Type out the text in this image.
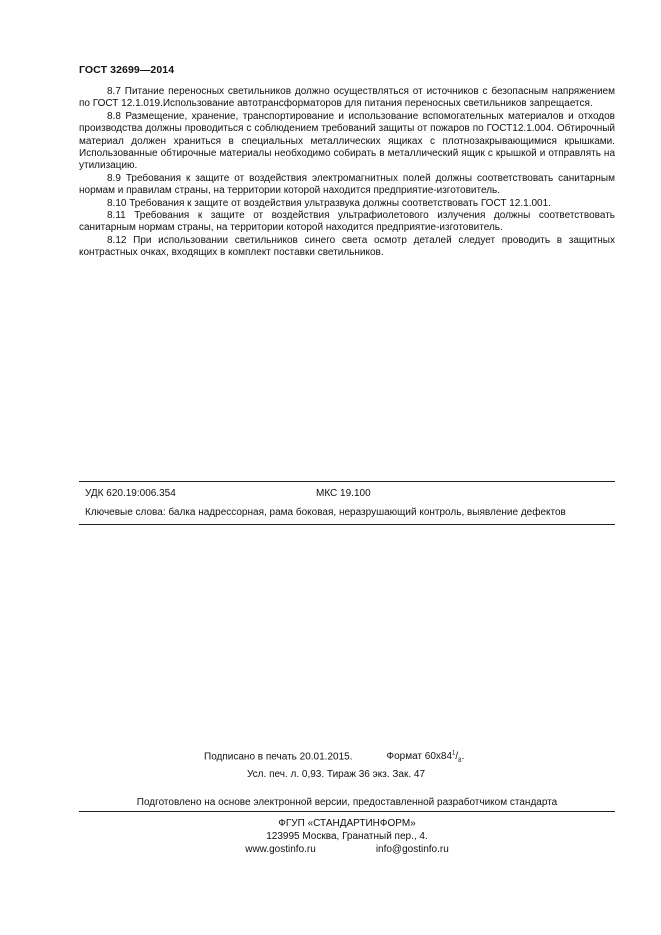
ГОСТ 32699—2014

8.7 Питание переносных светильников должно осуществляться от источников с безопасным напряжением по ГОСТ 12.1.019.Использование автотрансформаторов для питания переносных светильников запрещается.

8.8 Размещение, хранение, транспортирование и использование вспомогательных материалов и отходов производства должны проводиться с соблюдением требований защиты от пожаров по ГОСТ12.1.004. Обтирочный материал должен храниться в специальных металлических ящиках с плотнозакрывающимися крышками. Использованные обтирочные материалы необходимо собирать в металлический ящик с крышкой и отправлять на утилизацию.

8.9 Требования к защите от воздействия электромагнитных полей должны соответствовать санитарным нормам и правилам страны, на территории которой находится предприятие-изготовитель.

8.10 Требования к защите от воздействия ультразвука должны соответствовать ГОСТ 12.1.001.

8.11 Требования к защите от воздействия ультрафиолетового излучения должны соответствовать санитарным нормам страны, на территории которой находится предприятие-изготовитель.

8.12 При использовании светильников синего света осмотр деталей следует проводить в защитных контрастных очках, входящих в комплект поставки светильников.

УДК 620.19:006.354	МКС 19.100
Ключевые слова: балка надрессорная, рама боковая, неразрушающий контроль, выявление дефектов
Подписано в печать 20.01.2015.	Формат $60x84^1/_8$.
Усл. печ. л. 0,93. Тираж 36 экз. Зак. 47
Подготовлено на основе электронной версии, предоставленной разработчиком стандарта
ФГУП «СТАНДАРТИНФОРМ»
123995 Москва, Гранатный пер., 4.
www.gostinfo.ru	info@gostinfo.ru
